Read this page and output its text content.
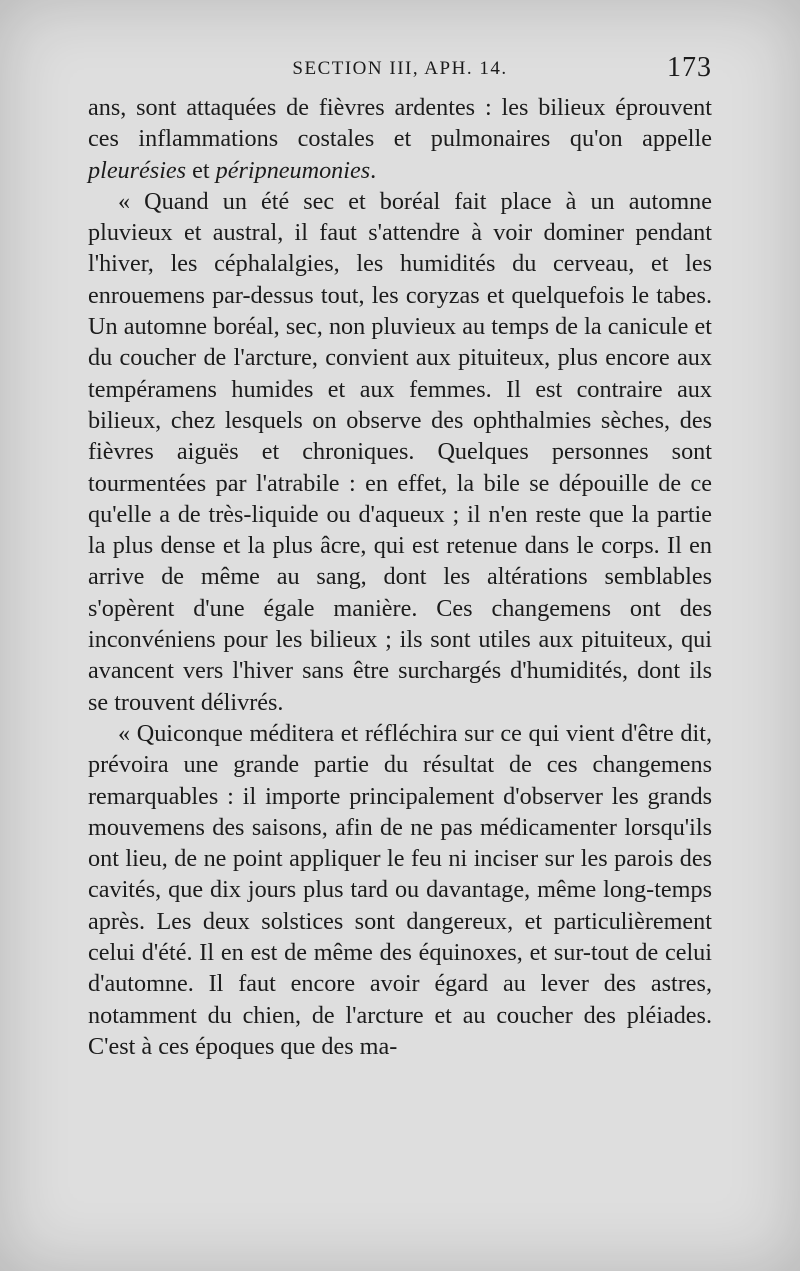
SECTION III, APH. 14.	173

ans, sont attaquées de fièvres ardentes : les bilieux éprouvent ces inflammations costales et pulmonaires qu'on appelle pleurésies et péripneumonies.

« Quand un été sec et boréal fait place à un automne pluvieux et austral, il faut s'attendre à voir dominer pendant l'hiver, les céphalalgies, les humidités du cerveau, et les enrouemens par-dessus tout, les coryzas et quelquefois le tabes. Un automne boréal, sec, non pluvieux au temps de la canicule et du coucher de l'arcture, convient aux pituiteux, plus encore aux tempéramens humides et aux femmes. Il est contraire aux bilieux, chez lesquels on observe des ophthalmies sèches, des fièvres aiguës et chroniques. Quelques personnes sont tourmentées par l'atrabile : en effet, la bile se dépouille de ce qu'elle a de très-liquide ou d'aqueux ; il n'en reste que la partie la plus dense et la plus âcre, qui est retenue dans le corps. Il en arrive de même au sang, dont les altérations semblables s'opèrent d'une égale manière. Ces changemens ont des inconvéniens pour les bilieux ; ils sont utiles aux pituiteux, qui avancent vers l'hiver sans être surchargés d'humidités, dont ils se trouvent délivrés.

« Quiconque méditera et réfléchira sur ce qui vient d'être dit, prévoira une grande partie du résultat de ces changemens remarquables : il importe principalement d'observer les grands mouvemens des saisons, afin de ne pas médicamenter lorsqu'ils ont lieu, de ne point appliquer le feu ni inciser sur les parois des cavités, que dix jours plus tard ou davantage, même long-temps après. Les deux solstices sont dangereux, et particulièrement celui d'été. Il en est de même des équinoxes, et sur-tout de celui d'automne. Il faut encore avoir égard au lever des astres, notamment du chien, de l'arcture et au coucher des pléiades. C'est à ces époques que des ma-
